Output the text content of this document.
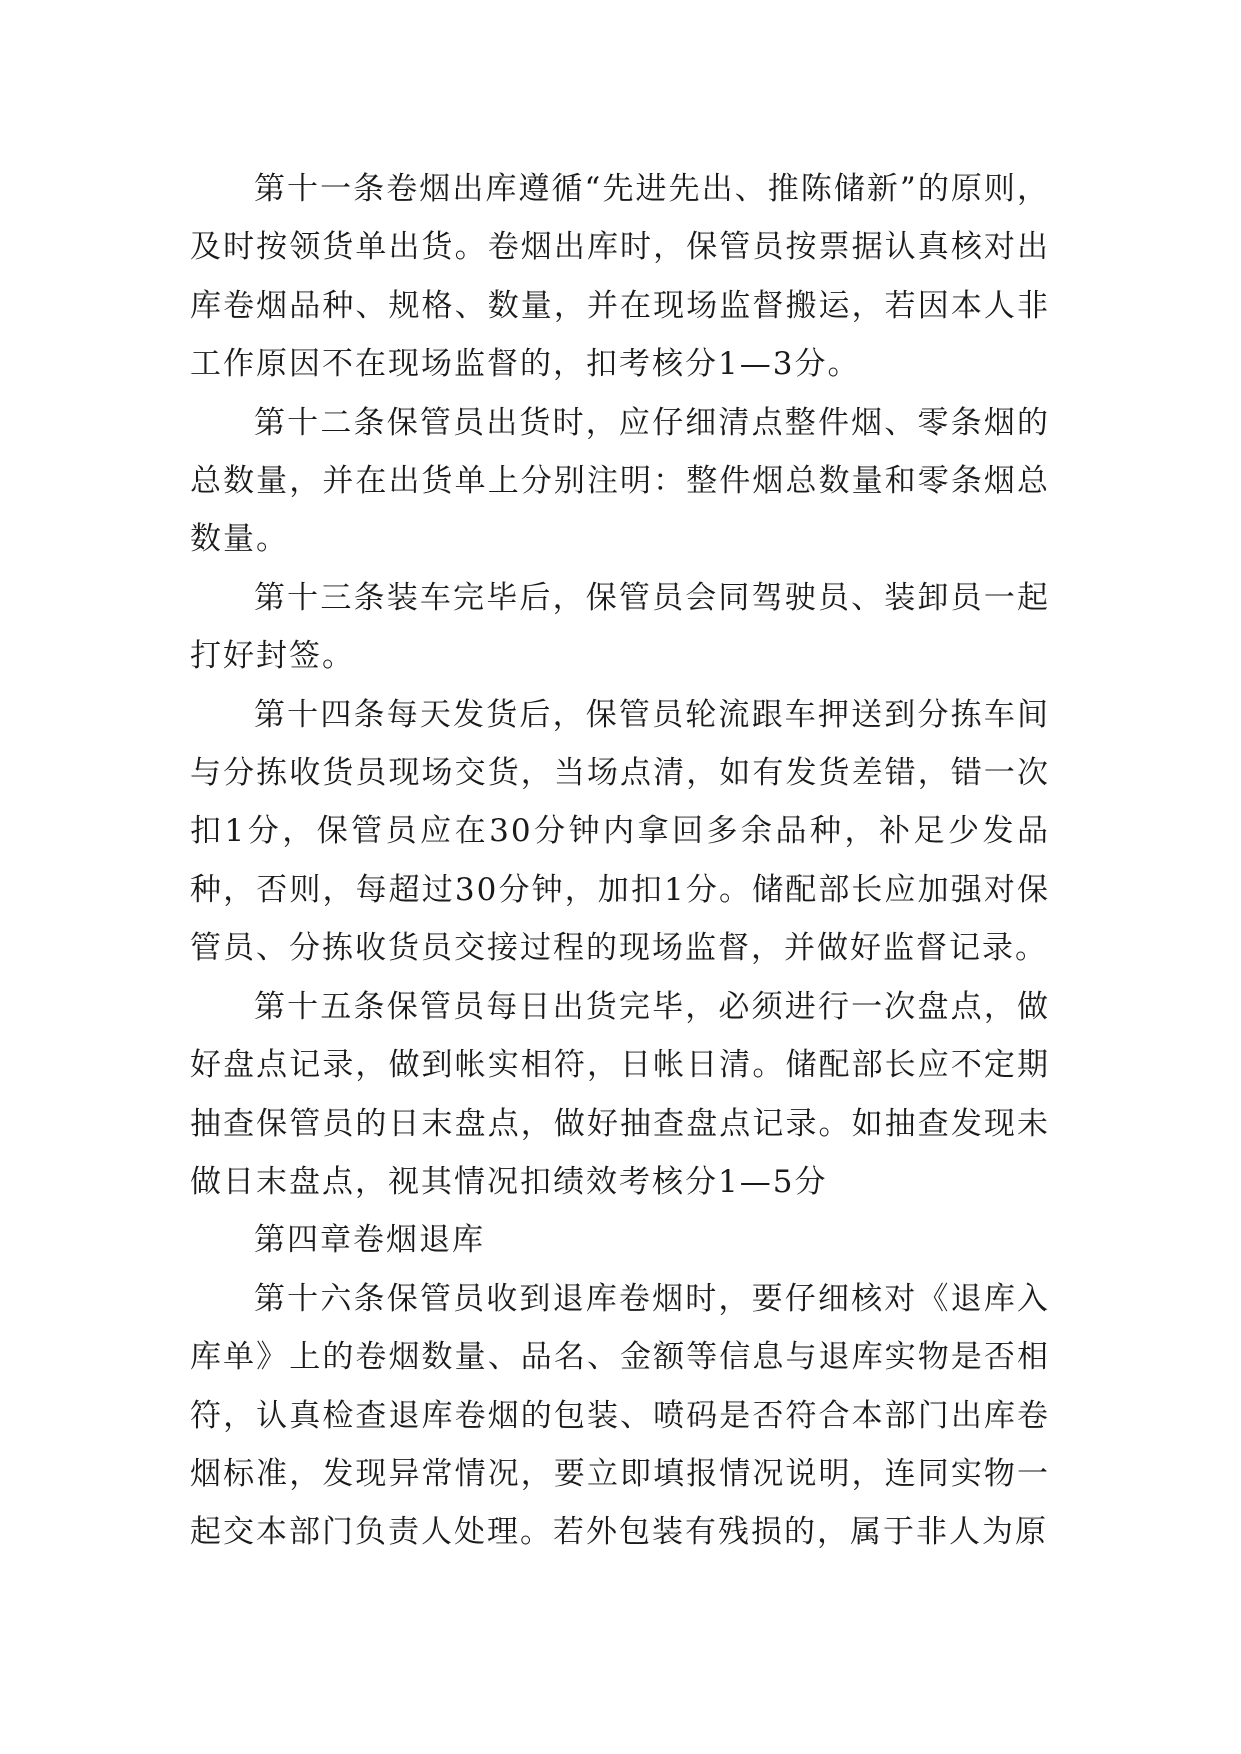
第十一条卷烟出库遵循“先进先出、推陈储新”的原则，及时按领货单出货。卷烟出库时，保管员按票据认真核对出库卷烟品种、规格、数量，并在现场监督搬运，若因本人非工作原因不在现场监督的，扣考核分1—3分。

第十二条保管员出货时，应仔细清点整件烟、零条烟的总数量，并在出货单上分别注明：整件烟总数量和零条烟总数量。

第十三条装车完毕后，保管员会同驾驶员、装卸员一起打好封签。

第十四条每天发货后，保管员轮流跟车押送到分拣车间与分拣收货员现场交货，当场点清，如有发货差错，错一次扣1分，保管员应在30分钟内拿回多余品种，补足少发品种，否则，每超过30分钟，加扣1分。储配部长应加强对保管员、分拣收货员交接过程的现场监督，并做好监督记录。

第十五条保管员每日出货完毕，必须进行一次盘点，做好盘点记录，做到帐实相符，日帐日清。储配部长应不定期抽查保管员的日末盘点，做好抽查盘点记录。如抽查发现未做日末盘点，视其情况扣绩效考核分1—5分

第四章卷烟退库

第十六条保管员收到退库卷烟时，要仔细核对《退库入库单》上的卷烟数量、品名、金额等信息与退库实物是否相符，认真检查退库卷烟的包装、喷码是否符合本部门出库卷烟标准，发现异常情况，要立即填报情况说明，连同实物一起交本部门负责人处理。若外包装有残损的，属于非人为原
